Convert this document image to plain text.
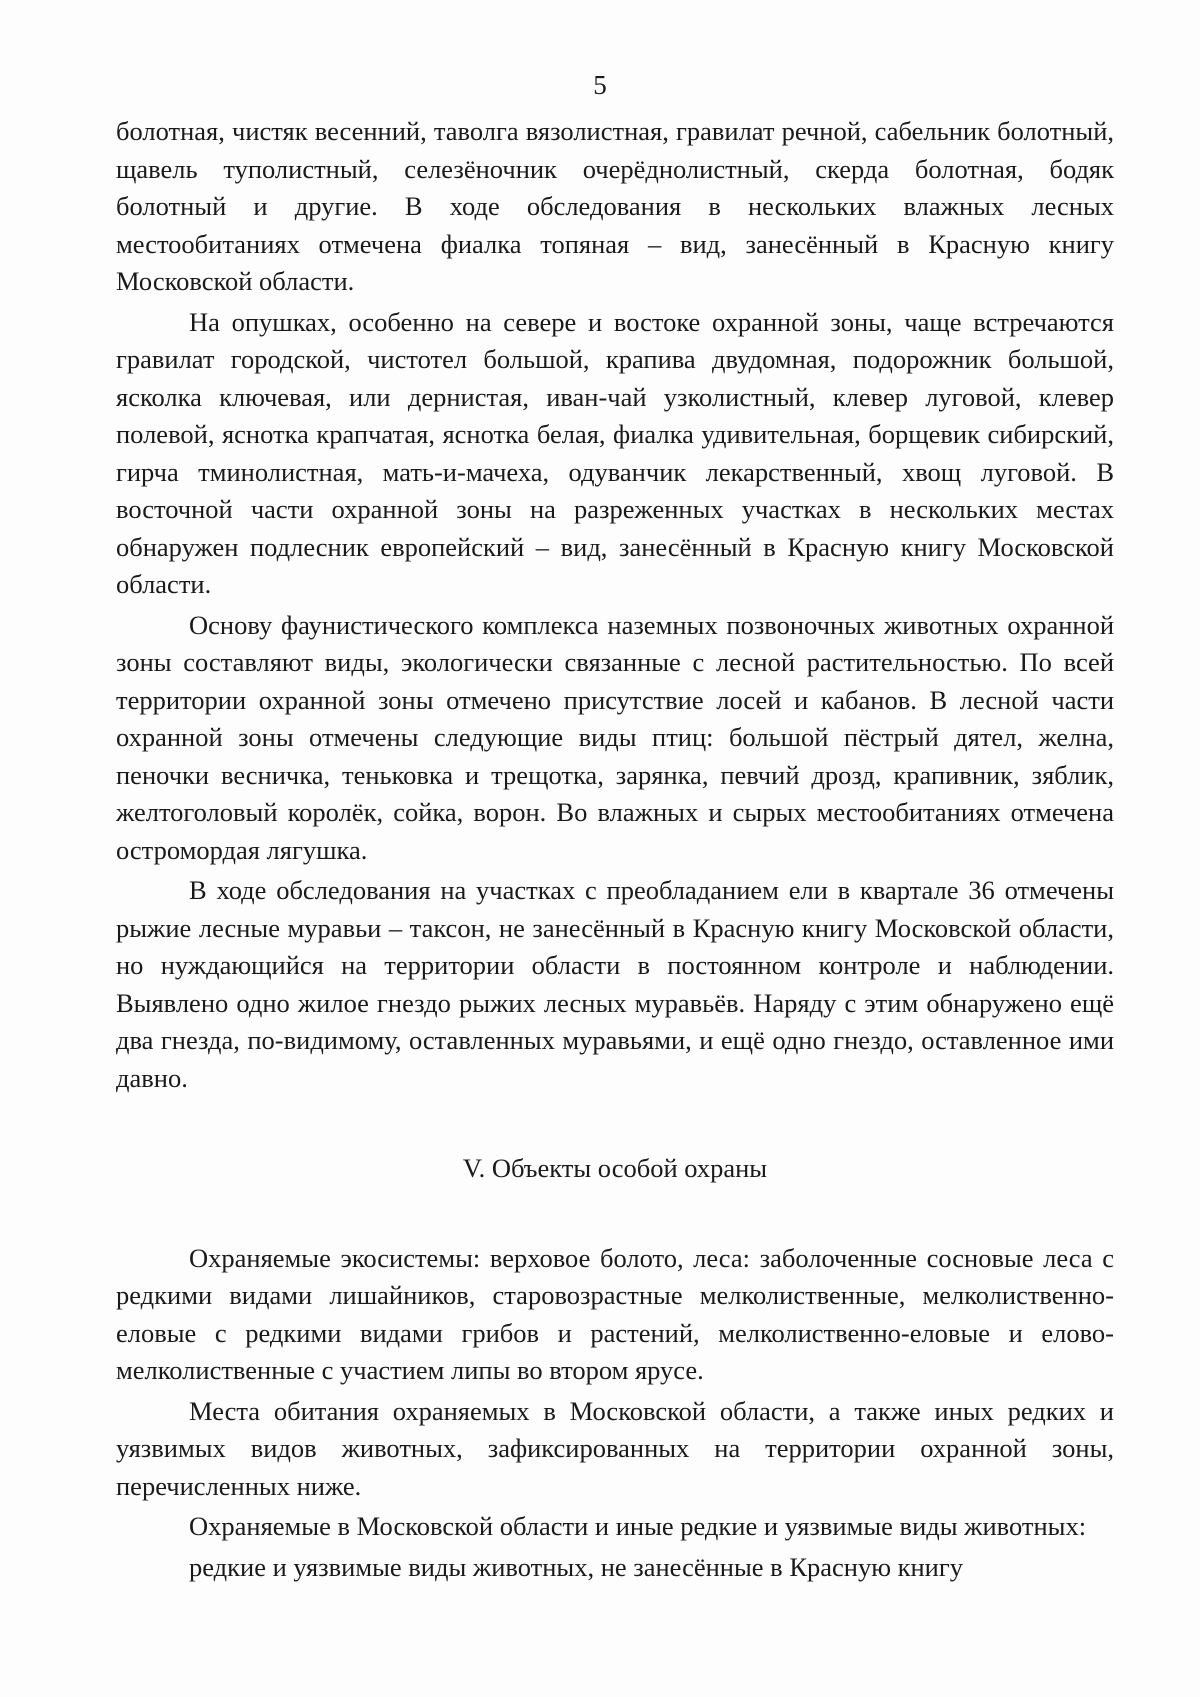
5

болотная, чистяк весенний, таволга вязолистная, гравилат речной, сабельник болотный, щавель туполистный, селезёночник очерёднолистный, скерда болотная, бодяк болотный и другие. В ходе обследования в нескольких влажных лесных местообитаниях отмечена фиалка топяная – вид, занесённый в Красную книгу Московской области.

На опушках, особенно на севере и востоке охранной зоны, чаще встречаются гравилат городской, чистотел большой, крапива двудомная, подорожник большой, ясколка ключевая, или дернистая, иван-чай узколистный, клевер луговой, клевер полевой, яснотка крапчатая, яснотка белая, фиалка удивительная, борщевик сибирский, гирча тминолистная, мать-и-мачеха, одуванчик лекарственный, хвощ луговой. В восточной части охранной зоны на разреженных участках в нескольких местах обнаружен подлесник европейский – вид, занесённый в Красную книгу Московской области.

Основу фаунистического комплекса наземных позвоночных животных охранной зоны составляют виды, экологически связанные с лесной растительностью. По всей территории охранной зоны отмечено присутствие лосей и кабанов. В лесной части охранной зоны отмечены следующие виды птиц: большой пёстрый дятел, желна, пеночки весничка, теньковка и трещотка, зарянка, певчий дрозд, крапивник, зяблик, желтоголовый королёк, сойка, ворон. Во влажных и сырых местообитаниях отмечена остромордая лягушка.

В ходе обследования на участках с преобладанием ели в квартале 36 отмечены рыжие лесные муравьи – таксон, не занесённый в Красную книгу Московской области, но нуждающийся на территории области в постоянном контроле и наблюдении. Выявлено одно жилое гнездо рыжих лесных муравьёв. Наряду с этим обнаружено ещё два гнезда, по-видимому, оставленных муравьями, и ещё одно гнездо, оставленное ими давно.

V. Объекты особой охраны

Охраняемые экосистемы: верховое болото, леса: заболоченные сосновые леса с редкими видами лишайников, старовозрастные мелколиственные, мелколиственно-еловые с редкими видами грибов и растений, мелколиственно-еловые и елово-мелколиственные с участием липы во втором ярусе.

Места обитания охраняемых в Московской области, а также иных редких и уязвимых видов животных, зафиксированных на территории охранной зоны, перечисленных ниже.

Охраняемые в Московской области и иные редкие и уязвимые виды животных:

редкие и уязвимые виды животных, не занесённые в Красную книгу
